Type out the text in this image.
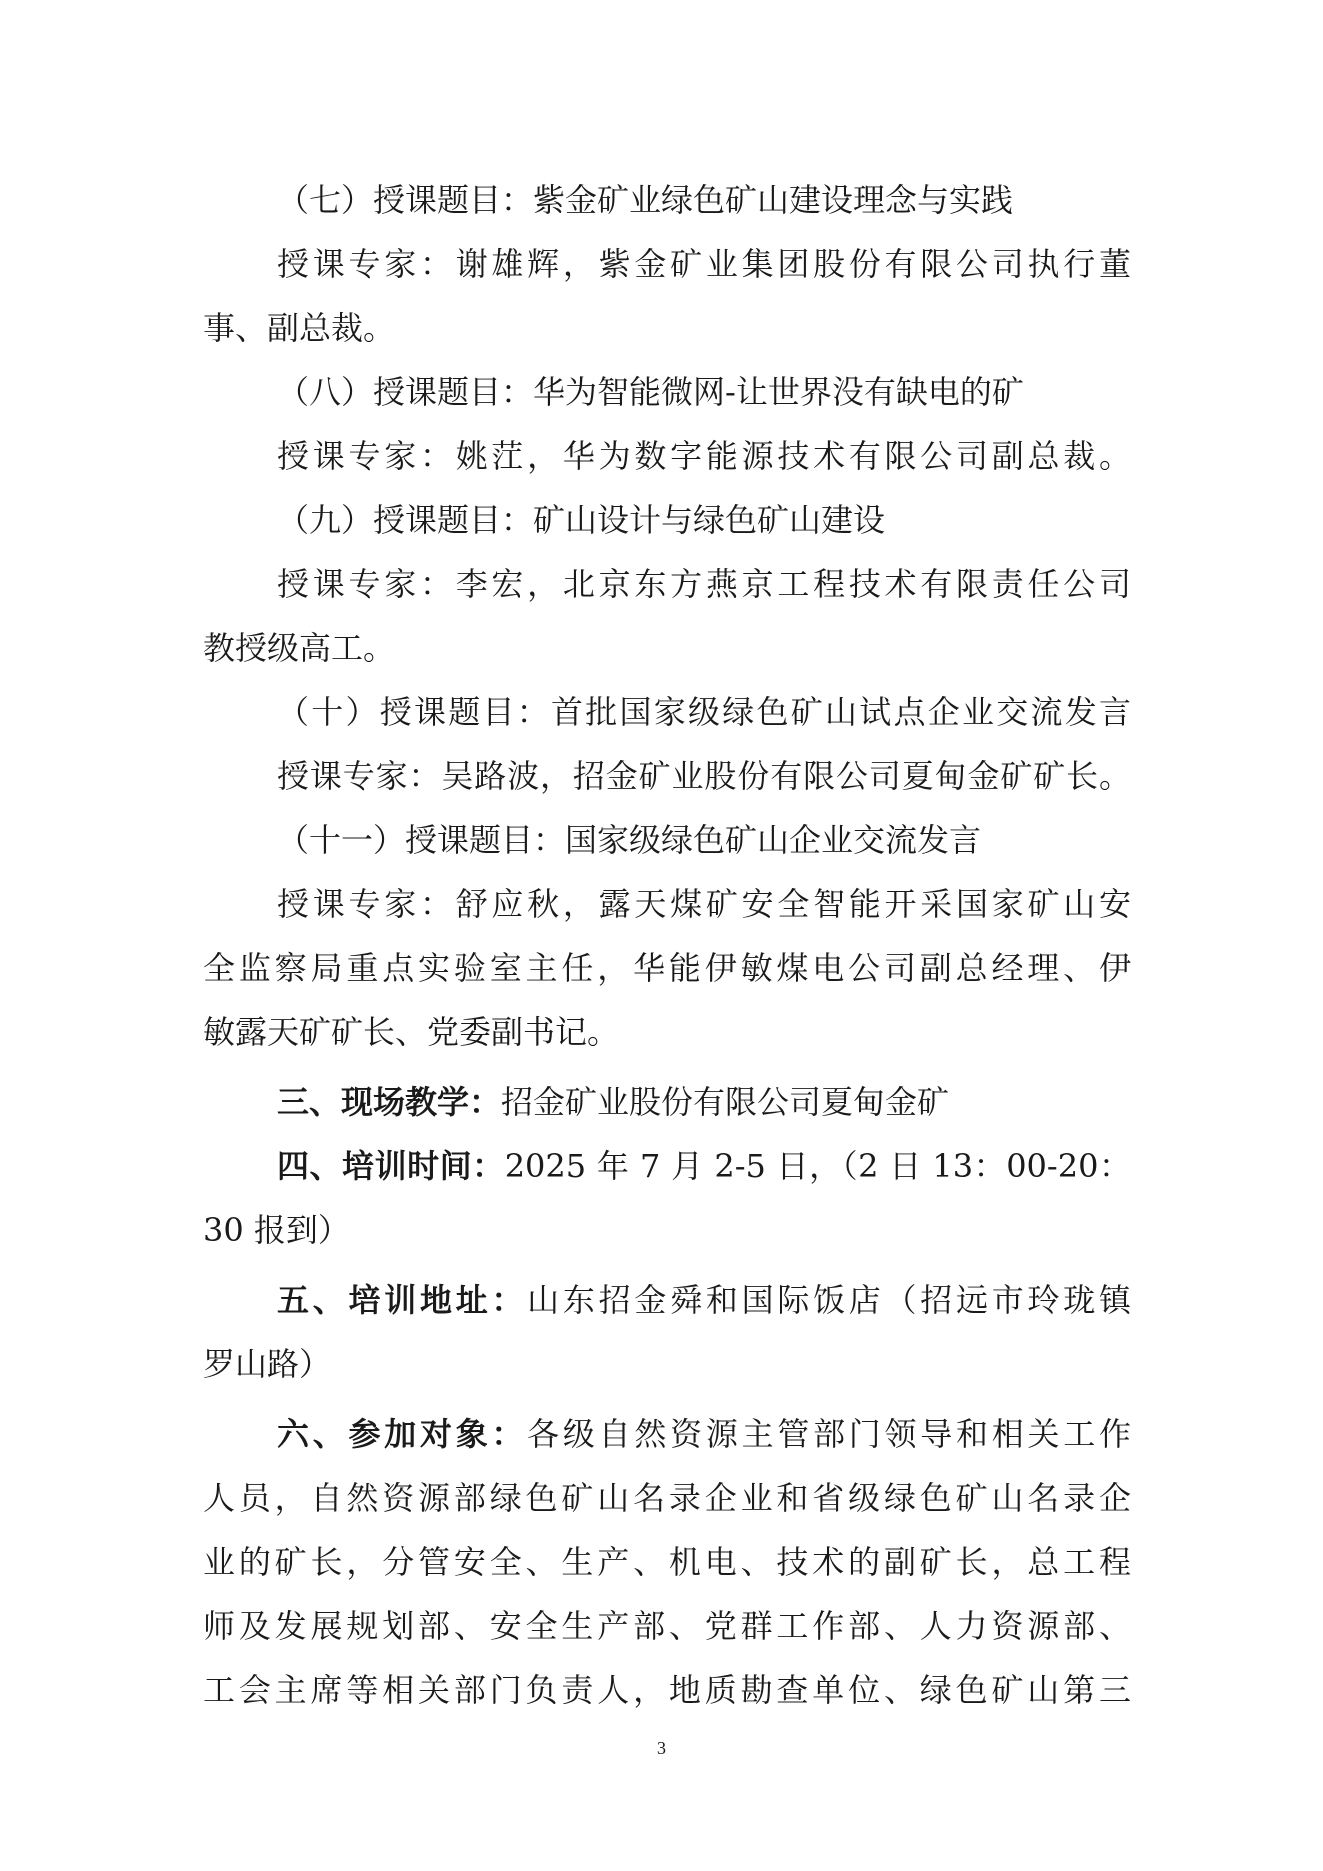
（七）授课题目：紫金矿业绿色矿山建设理念与实践
授课专家：谢雄辉，紫金矿业集团股份有限公司执行董
事、副总裁。
（八）授课题目：华为智能微网-让世界没有缺电的矿
授课专家：姚茳，华为数字能源技术有限公司副总裁。
（九）授课题目：矿山设计与绿色矿山建设
授课专家：李宏，北京东方燕京工程技术有限责任公司
教授级高工。
（十）授课题目：首批国家级绿色矿山试点企业交流发言
授课专家：吴路波，招金矿业股份有限公司夏甸金矿矿长。
（十一）授课题目：国家级绿色矿山企业交流发言
授课专家：舒应秋，露天煤矿安全智能开采国家矿山安
全监察局重点实验室主任，华能伊敏煤电公司副总经理、伊
敏露天矿矿长、党委副书记。
三、现场教学：招金矿业股份有限公司夏甸金矿
四、培训时间：2025 年 7 月 2-5 日，（2 日 13：00-20：
30 报到）
五、培训地址：山东招金舜和国际饭店（招远市玲珑镇
罗山路）
六、参加对象：各级自然资源主管部门领导和相关工作
人员，自然资源部绿色矿山名录企业和省级绿色矿山名录企
业的矿长，分管安全、生产、机电、技术的副矿长，总工程
师及发展规划部、安全生产部、党群工作部、人力资源部、
工会主席等相关部门负责人，地质勘查单位、绿色矿山第三
3
